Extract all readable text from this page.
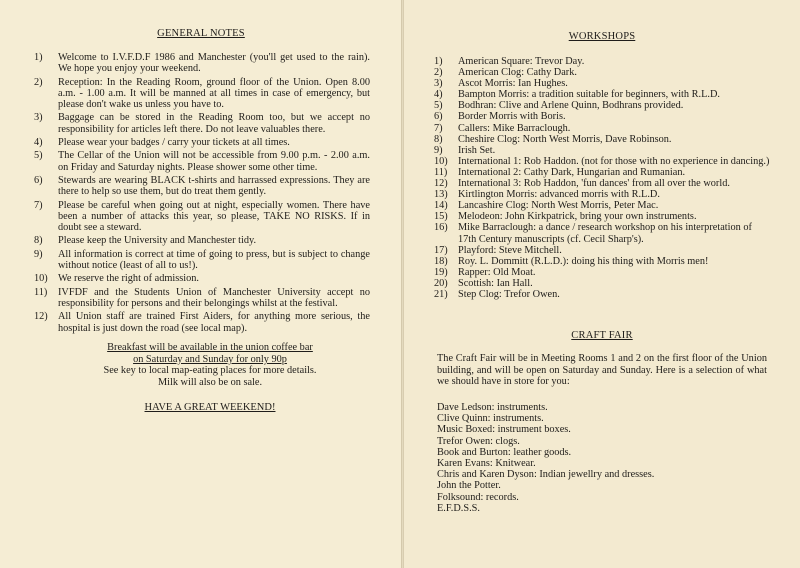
GENERAL NOTES
1) Welcome to I.V.F.D.F 1986 and Manchester (you'll get used to the rain). We hope you enjoy your weekend.
2) Reception: In the Reading Room, ground floor of the Union. Open 8.00 a.m. - 1.00 a.m. It will be manned at all times in case of emergency, but please don't wake us unless you have to.
3) Baggage can be stored in the Reading Room too, but we accept no responsibility for articles left there. Do not leave valuables there.
4) Please wear your badges / carry your tickets at all times.
5) The Cellar of the Union will not be accessible from 9.00 p.m. - 2.00 a.m. on Friday and Saturday nights. Please shower some other time.
6) Stewards are wearing BLACK t-shirts and harrassed expressions. They are there to help so use them, but do treat them gently.
7) Please be careful when going out at night, especially women. There have been a number of attacks this year, so please, TAKE NO RISKS. If in doubt see a steward.
8) Please keep the University and Manchester tidy.
9) All information is correct at time of going to press, but is subject to change without notice (least of all to us!).
10) We reserve the right of admission.
11) IVFDF and the Students Union of Manchester University accept no responsibility for persons and their belongings whilst at the festival.
12) All Union staff are trained First Aiders, for anything more serious, the hospital is just down the road (see local map).
Breakfast will be available in the union coffee bar
on Saturday and Sunday for only 90p
See key to local map-eating places for more details.
Milk will also be on sale.
HAVE A GREAT WEEKEND!
WORKSHOPS
1) American Square: Trevor Day.
2) American Clog: Cathy Dark.
3) Ascot Morris: Ian Hughes.
4) Bampton Morris: a tradition suitable for beginners, with R.L.D.
5) Bodhran: Clive and Arlene Quinn, Bodhrans provided.
6) Border Morris with Boris.
7) Callers: Mike Barraclough.
8) Cheshire Clog: North West Morris, Dave Robinson.
9) Irish Set.
10) International 1: Rob Haddon. (not for those with no experience in dancing.)
11) International 2: Cathy Dark, Hungarian and Rumanian.
12) International 3: Rob Haddon, 'fun dances' from all over the world.
13) Kirtlington Morris: advanced morris with R.L.D.
14) Lancashire Clog: North West Morris, Peter Mac.
15) Melodeon: John Kirkpatrick, bring your own instruments.
16) Mike Barraclough: a dance / research workshop on his interpretation of 17th Century manuscripts (cf. Cecil Sharp's).
17) Playford: Steve Mitchell.
18) Roy. L. Dommitt (R.L.D.): doing his thing with Morris men!
19) Rapper: Old Moat.
20) Scottish: Ian Hall.
21) Step Clog: Trefor Owen.
CRAFT FAIR
The Craft Fair will be in Meeting Rooms 1 and 2 on the first floor of the Union building, and will be open on Saturday and Sunday. Here is a selection of what we should have in store for you:
Dave Ledson: instruments.
Clive Quinn: instruments.
Music Boxed: instrument boxes.
Trefor Owen: clogs.
Book and Burton: leather goods.
Karen Evans: Knitwear.
Chris and Karen Dyson: Indian jewellry and dresses.
John the Potter.
Folksound: records.
E.F.D.S.S.
